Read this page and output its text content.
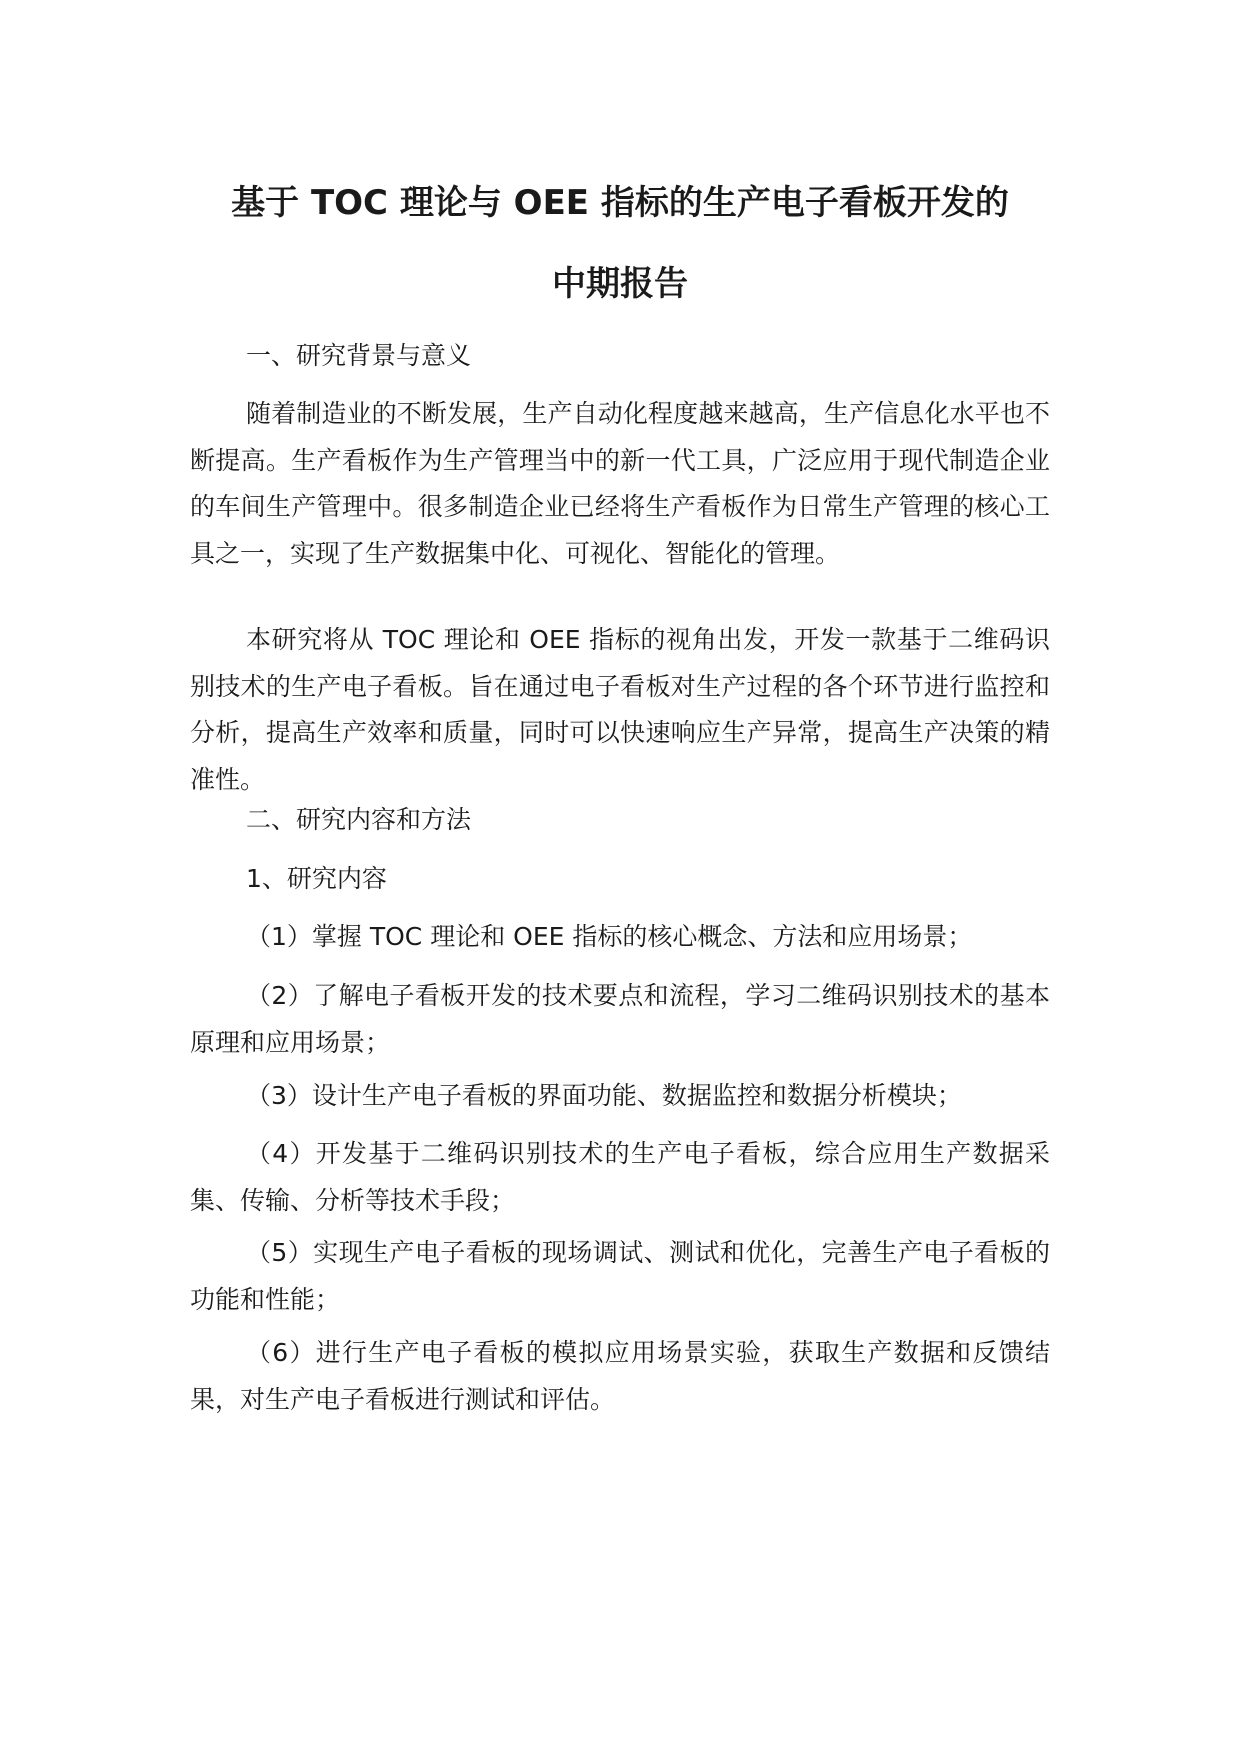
基于 TOC 理论与 OEE 指标的生产电子看板开发的
中期报告

一、研究背景与意义

随着制造业的不断发展，生产自动化程度越来越高，生产信息化水平也不断提高。生产看板作为生产管理当中的新一代工具，广泛应用于现代制造企业的车间生产管理中。很多制造企业已经将生产看板作为日常生产管理的核心工具之一，实现了生产数据集中化、可视化、智能化的管理。

本研究将从 TOC 理论和 OEE 指标的视角出发，开发一款基于二维码识别技术的生产电子看板。旨在通过电子看板对生产过程的各个环节进行监控和分析，提高生产效率和质量，同时可以快速响应生产异常，提高生产决策的精准性。

二、研究内容和方法

1、研究内容

（1）掌握 TOC 理论和 OEE 指标的核心概念、方法和应用场景；

（2）了解电子看板开发的技术要点和流程，学习二维码识别技术的基本原理和应用场景；

（3）设计生产电子看板的界面功能、数据监控和数据分析模块；

（4）开发基于二维码识别技术的生产电子看板，综合应用生产数据采集、传输、分析等技术手段；

（5）实现生产电子看板的现场调试、测试和优化，完善生产电子看板的功能和性能；

（6）进行生产电子看板的模拟应用场景实验，获取生产数据和反馈结果，对生产电子看板进行测试和评估。
